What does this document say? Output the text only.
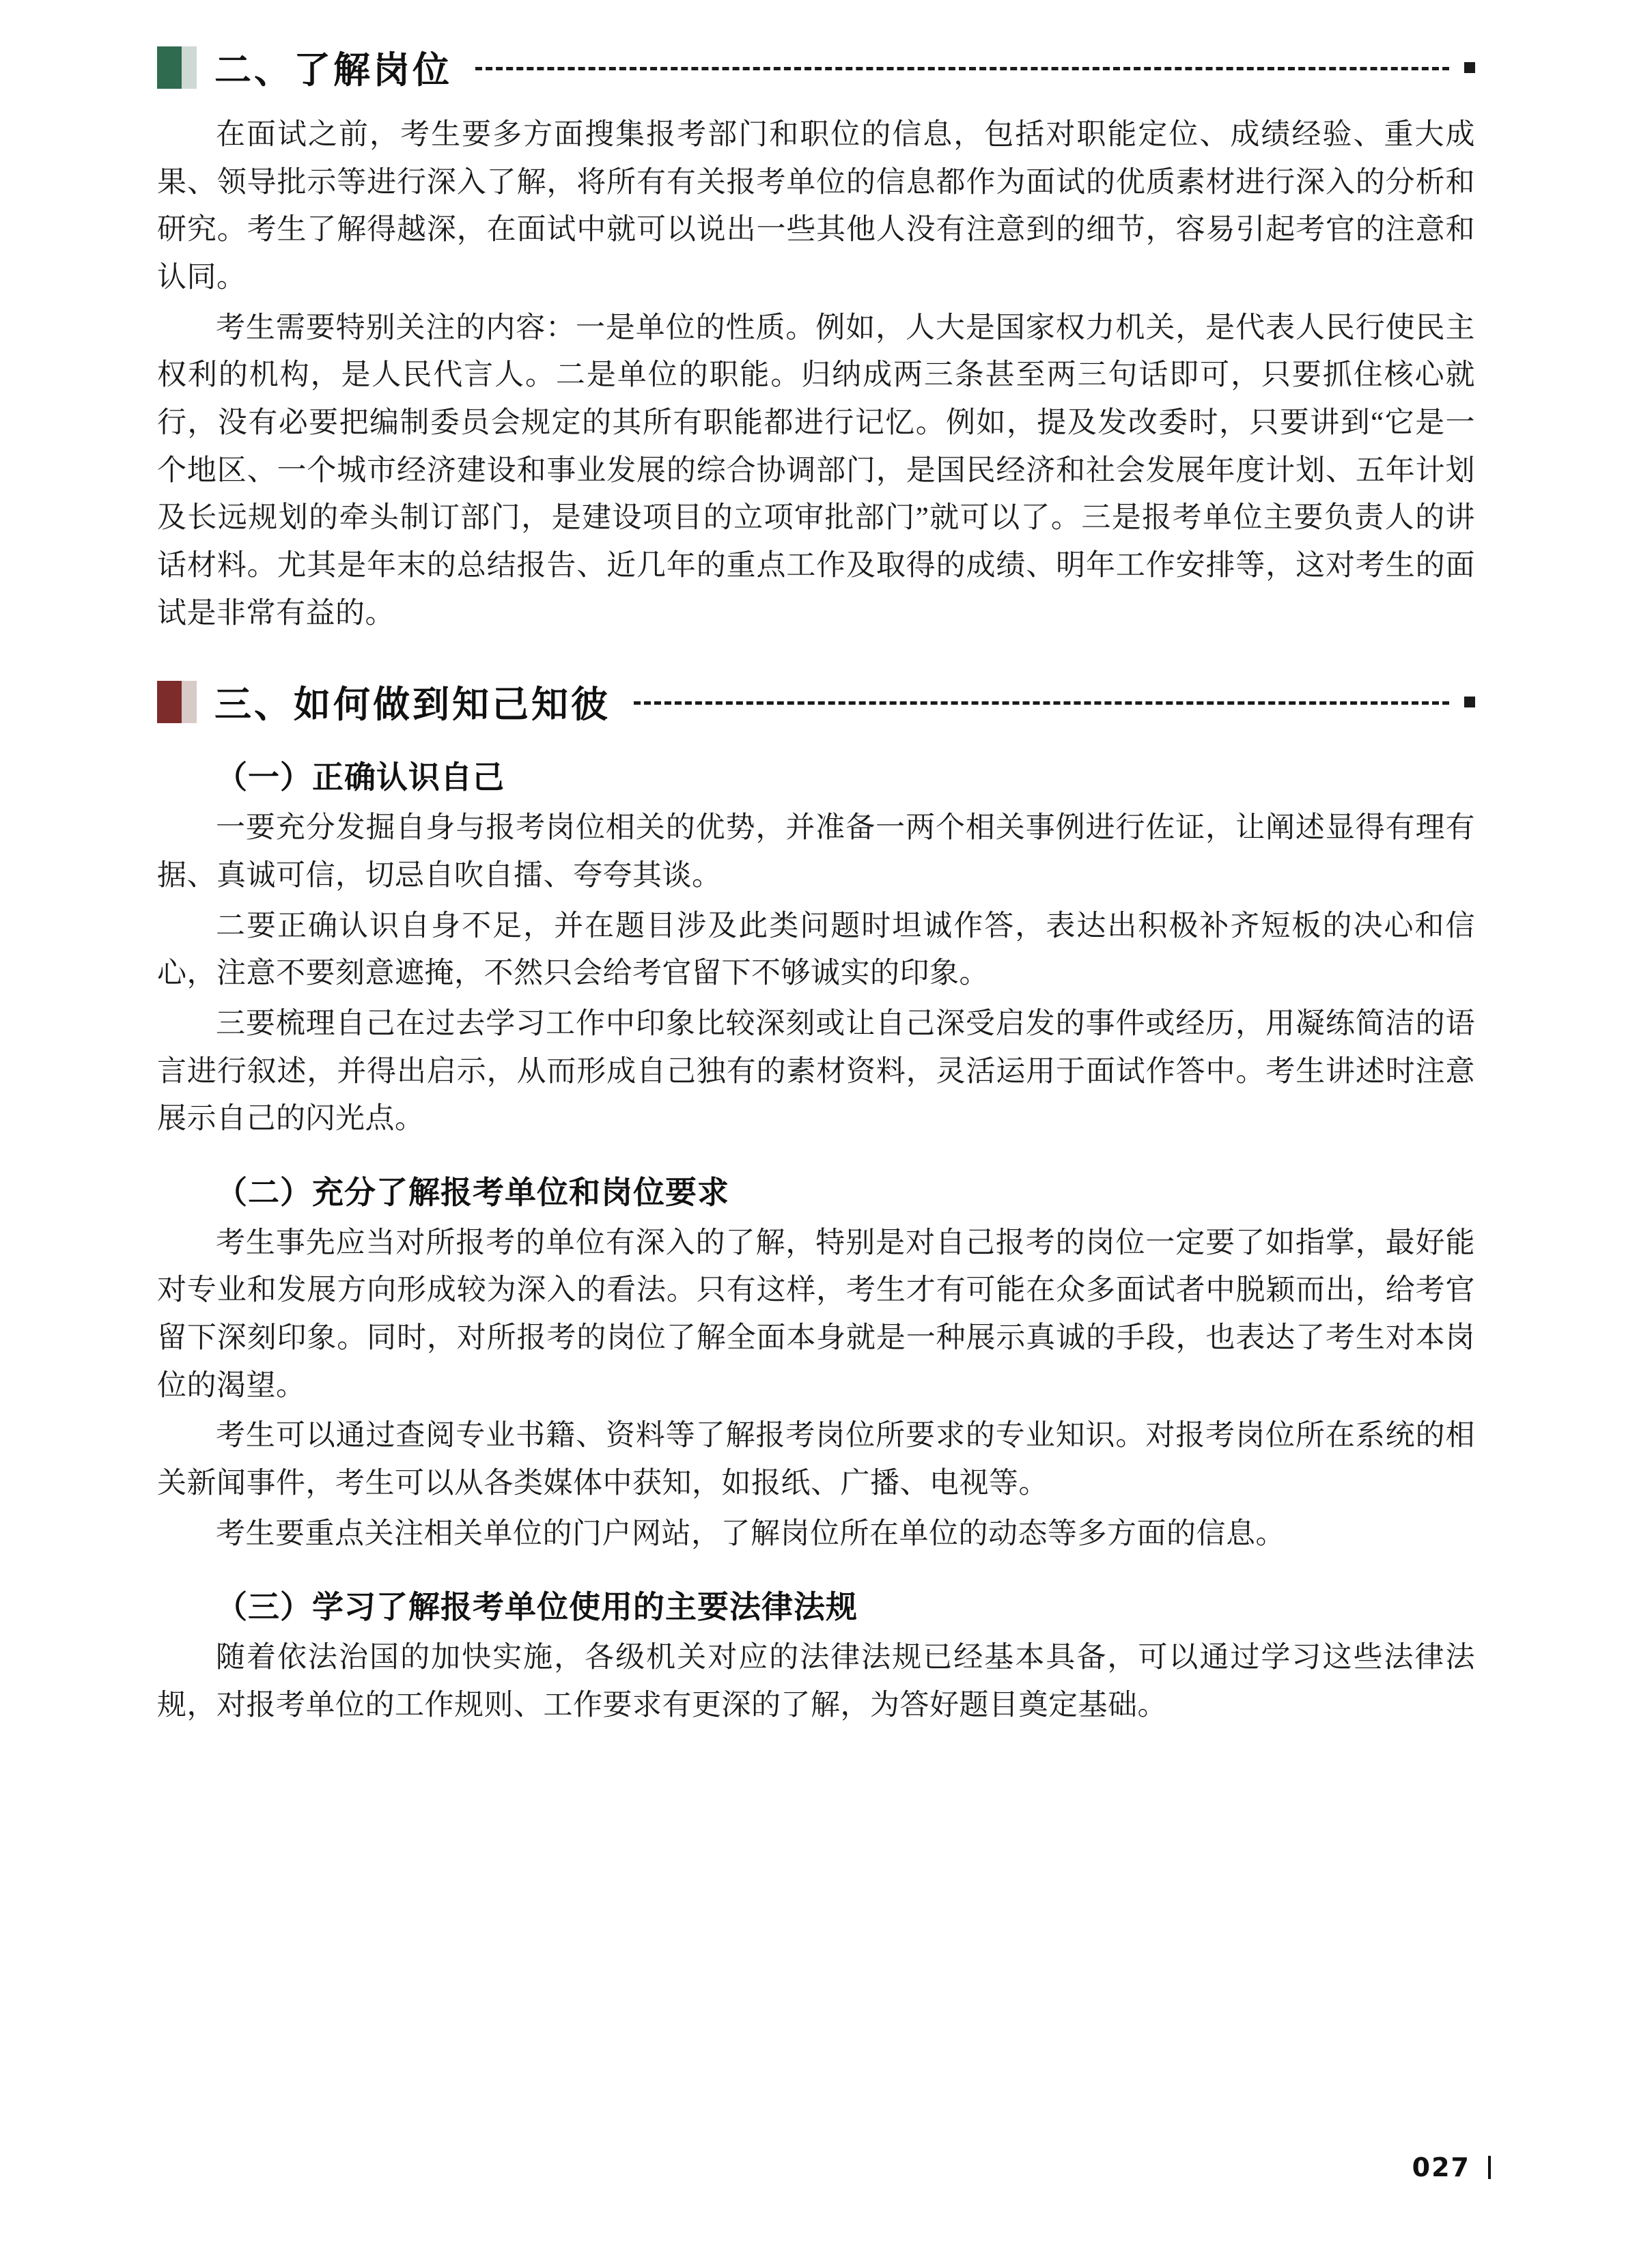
二、了解岗位

在面试之前，考生要多方面搜集报考部门和职位的信息，包括对职能定位、成绩经验、重大成果、领导批示等进行深入了解，将所有有关报考单位的信息都作为面试的优质素材进行深入的分析和研究。考生了解得越深，在面试中就可以说出一些其他人没有注意到的细节，容易引起考官的注意和认同。

考生需要特别关注的内容：一是单位的性质。例如，人大是国家权力机关，是代表人民行使民主权利的机构，是人民代言人。二是单位的职能。归纳成两三条甚至两三句话即可，只要抓住核心就行，没有必要把编制委员会规定的其所有职能都进行记忆。例如，提及发改委时，只要讲到“它是一个地区、一个城市经济建设和事业发展的综合协调部门，是国民经济和社会发展年度计划、五年计划及长远规划的牵头制订部门，是建设项目的立项审批部门”就可以了。三是报考单位主要负责人的讲话材料。尤其是年末的总结报告、近几年的重点工作及取得的成绩、明年工作安排等，这对考生的面试是非常有益的。

三、如何做到知己知彼
（一）正确认识自己

一要充分发掘自身与报考岗位相关的优势，并准备一两个相关事例进行佐证，让阐述显得有理有据、真诚可信，切忌自吹自擂、夸夸其谈。

二要正确认识自身不足，并在题目涉及此类问题时坦诚作答，表达出积极补齐短板的决心和信心，注意不要刻意遮掩，不然只会给考官留下不够诚实的印象。

三要梳理自己在过去学习工作中印象比较深刻或让自己深受启发的事件或经历，用凝练简洁的语言进行叙述，并得出启示，从而形成自己独有的素材资料，灵活运用于面试作答中。考生讲述时注意展示自己的闪光点。

（二）充分了解报考单位和岗位要求

考生事先应当对所报考的单位有深入的了解，特别是对自己报考的岗位一定要了如指掌，最好能对专业和发展方向形成较为深入的看法。只有这样，考生才有可能在众多面试者中脱颖而出，给考官留下深刻印象。同时，对所报考的岗位了解全面本身就是一种展示真诚的手段，也表达了考生对本岗位的渴望。

考生可以通过查阅专业书籍、资料等了解报考岗位所要求的专业知识。对报考岗位所在系统的相关新闻事件，考生可以从各类媒体中获知，如报纸、广播、电视等。

考生要重点关注相关单位的门户网站，了解岗位所在单位的动态等多方面的信息。

（三）学习了解报考单位使用的主要法律法规

随着依法治国的加快实施，各级机关对应的法律法规已经基本具备，可以通过学习这些法律法规，对报考单位的工作规则、工作要求有更深的了解，为答好题目奠定基础。

027
